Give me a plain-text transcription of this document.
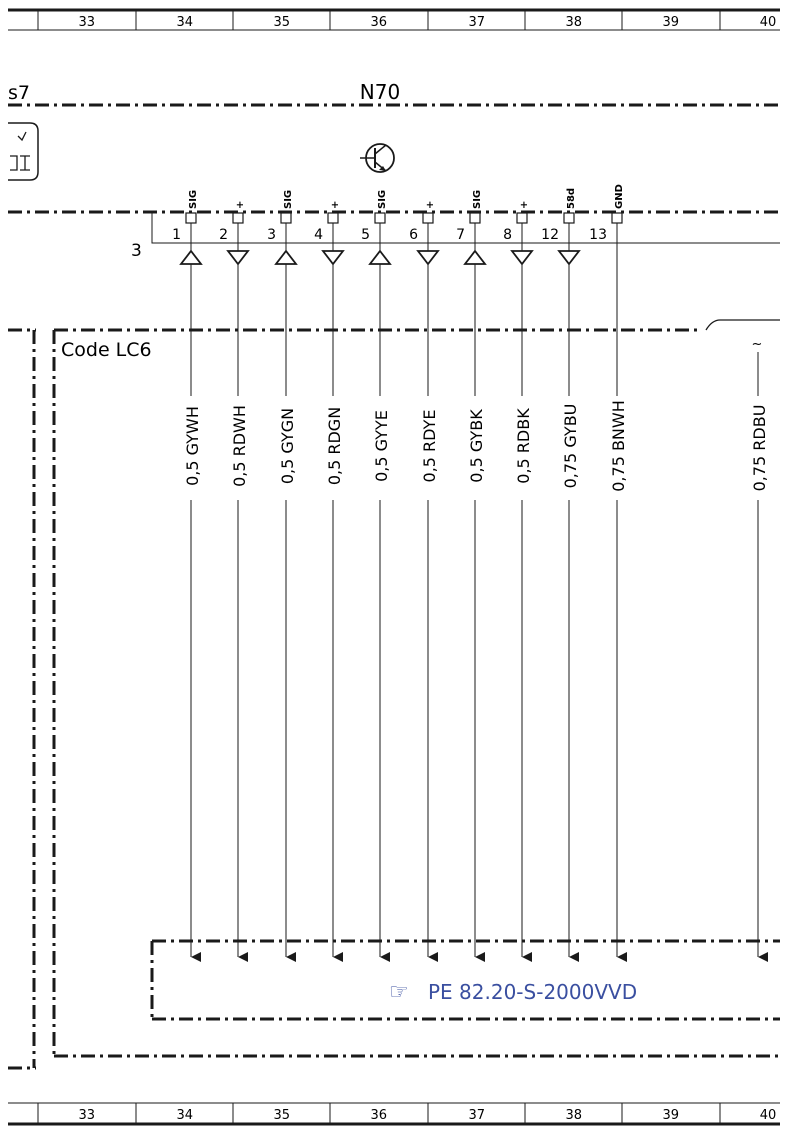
33	34	35	36	37	38	39	40
33	34	35	36	37	38	39	40
s7	N70
3
Code LC6
☞ PE 82.20-S-2000VVD
SIG
1
0,5 GYWH
+
2
0,5 RDWH
SIG
3
0,5 GYGN
+
4
0,5 RDGN
SIG
5
0,5 GYYE
+
6
0,5 RDYE
SIG
7
0,5 GYBK
+
8
0,5 RDBK
58d
12
0,75 GYBU
GND
13
0,75 BNWH
~
0,75 RDBU
